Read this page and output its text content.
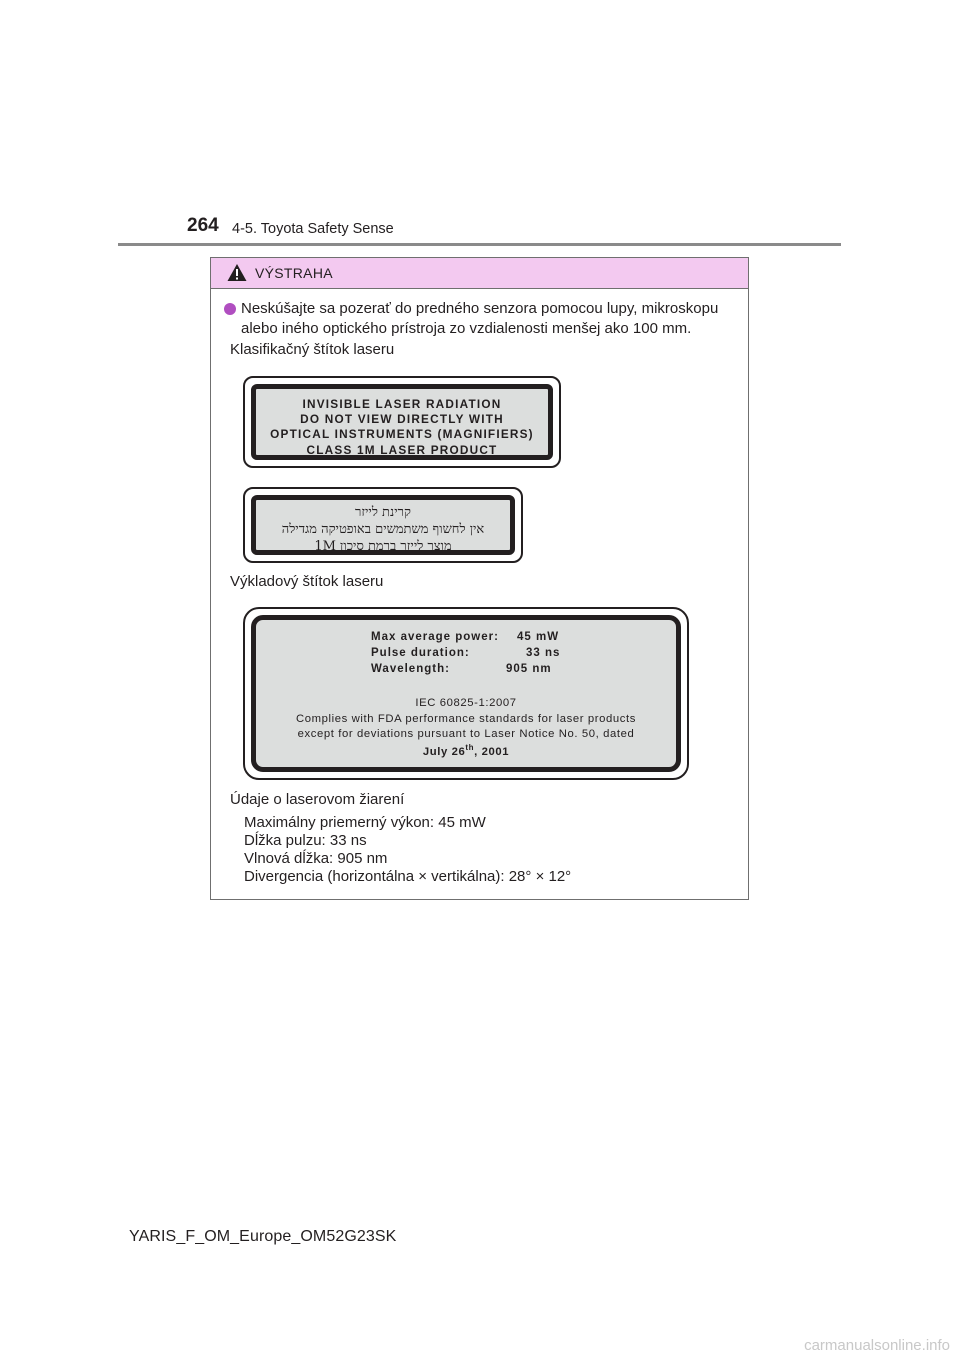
264 4-5. Toyota Safety Sense
VÝSTRAHA
Neskúšajte sa pozerať do predného senzora pomocou lupy, mikroskopu
alebo iného optického prístroja zo vzdialenosti menšej ako 100 mm.
Klasifikačný štítok laseru
INVISIBLE LASER RADIATION
DO NOT VIEW DIRECTLY WITH
OPTICAL INSTRUMENTS (MAGNIFIERS)
CLASS 1M LASER PRODUCT
קרינת לייזר
אין לחשוף משתמשים באופטיקה מגדילה
מוצר לייזר ברמת סיכון 1M
Výkladový štítok laseru
Max average power: 45 mW
Pulse duration:	33 ns
Wavelength:	905 nm
IEC 60825-1:2007
Complies with FDA performance standards for laser products
except for deviations pursuant to Laser Notice No. 50, dated
July 26th, 2001
Údaje o laserovom žiarení
Maximálny priemerný výkon: 45 mW
Dĺžka pulzu: 33 ns
Vlnová dĺžka: 905 nm
Divergencia (horizontálna × vertikálna): 28° × 12°
YARIS_F_OM_Europe_OM52G23SK
carmanualsonline.info
